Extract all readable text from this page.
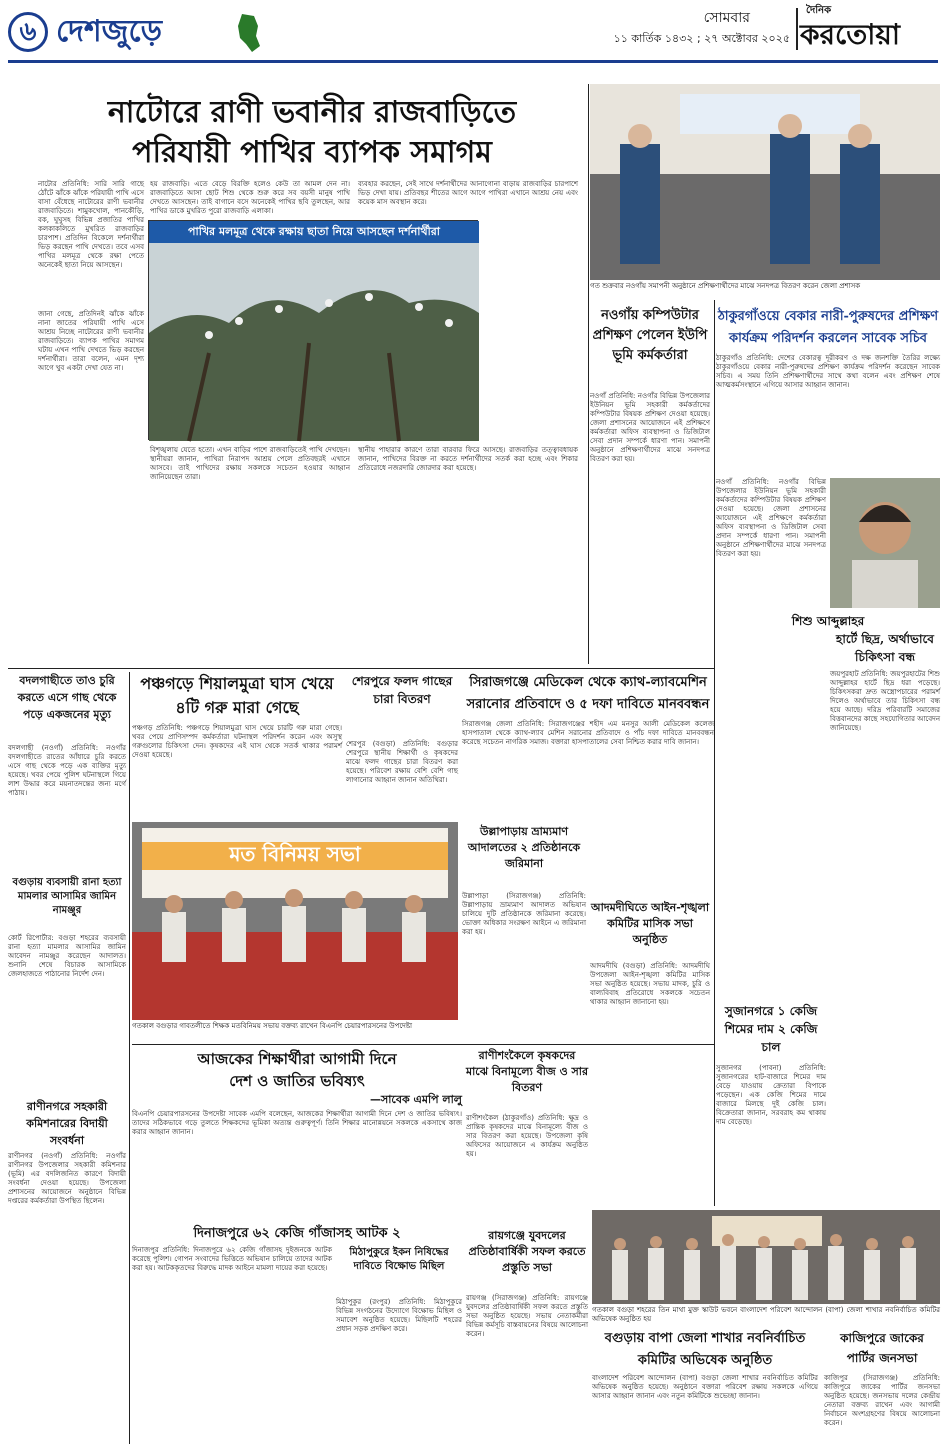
৬ দেশজুড়ে	সোমবার
১১ কার্তিক ১৪৩২ ; ২৭ অক্টোবর ২০২৫
দৈনিক
করতোয়া
নাটোরে রাণী ভবানীর রাজবাড়িতে
পরিযায়ী পাখির ব্যাপক সমাগম
নাটোর প্রতিনিধি: সারি সারি গাছে ঠোঁটে ঝাঁকে ঝাঁকে পরিযায়ী পাখি এসে বাসা বেঁধেছে নাটোরের রাণী ভবানীর রাজবাড়িতে। শামুকখোল, পানকৌড়ি, বক, ঘুঘুসহ বিভিন্ন প্রজাতির পাখির কলকাকলিতে মুখরিত রাজবাড়ির চারপাশ। প্রতিদিন বিকেলে দর্শনার্থীরা ভিড় করছেন পাখি দেখতে। তবে এসব পাখির মলমূত্র থেকে রক্ষা পেতে অনেকেই ছাতা নিয়ে আসছেন।
হয় রাজবাড়ি। এতে বেড়ে বিরক্তি হলেও কেউ তা আমল দেন না। রাজবাড়িতে আসা ছোট শিশু থেকে শুরু করে সব বয়সী মানুষ পাখি দেখতে আসছেন। তাই বাগানে বসে অনেকেই পাখির ছবি তুলছেন, আর পাখির ডাকে মুখরিত পুরো রাজবাড়ি এলাকা।
ব্যবহার করছেন, সেই সাথে দর্শনার্থীদের আনাগোনা বাড়ায় রাজবাড়ির চারপাশে ভিড় দেখা যায়। প্রতিবছর শীতের আগে আগে পাখিরা এখানে আশ্রয় নেয় এবং কয়েক মাস অবস্থান করে।
পাখির মলমূত্র থেকে রক্ষায় ছাতা নিয়ে আসছেন দর্শনার্থীরা
জানা গেছে, প্রতিদিনই ঝাঁকে ঝাঁকে নানা জাতের পরিযায়ী পাখি এসে আশ্রয় নিচ্ছে নাটোরের রাণী ভবানীর রাজবাড়িতে। ব্যাপক পাখির সমাগম ঘটায় এখন পাখি দেখতে ভিড় করছেন দর্শনার্থীরা। তারা বলেন, এমন দৃশ্য আগে খুব একটা দেখা যেত না।
বিশৃঙ্খলায় যেতে হতো। এখন বাড়ির পাশে রাজবাড়িতেই পাখি দেখছেন। স্থানীয়রা জানান, পাখিরা নিরাপদ আশ্রয় পেলে প্রতিবছরই এখানে আসবে। তাই পাখিদের রক্ষায় সকলকে সচেতন হওয়ার আহ্বান জানিয়েছেন তারা।
স্থানীয় পাহারার কারণে তারা বারবার ফিরে আসছে। রাজবাড়ির তত্ত্বাবধায়ক জানান, পাখিদের বিরক্ত না করতে দর্শনার্থীদের সতর্ক করা হচ্ছে এবং শিকার প্রতিরোধে নজরদারি জোরদার করা হয়েছে।
গত শুক্রবার নওগাঁয় সমাপনী অনুষ্ঠানে প্রশিক্ষণার্থীদের মাঝে সনদপত্র বিতরণ করেন জেলা প্রশাসক
নওগাঁয় কম্পিউটার প্রশিক্ষণ পেলেন ইউপি ভূমি কর্মকর্তারা
নওগাঁ প্রতিনিধি: নওগাঁর বিভিন্ন উপজেলার ইউনিয়ন ভূমি সহকারী কর্মকর্তাদের কম্পিউটার বিষয়ক প্রশিক্ষণ দেওয়া হয়েছে। জেলা প্রশাসনের আয়োজনে এই প্রশিক্ষণে কর্মকর্তারা অফিস ব্যবস্থাপনা ও ডিজিটাল সেবা প্রদান সম্পর্কে ধারণা পান। সমাপনী অনুষ্ঠানে প্রশিক্ষণার্থীদের মাঝে সনদপত্র বিতরণ করা হয়।
ঠাকুরগাঁওয়ে বেকার নারী-পুরুষদের প্রশিক্ষণ
কার্যক্রম পরিদর্শন করলেন সাবেক সচিব
ঠাকুরগাঁও প্রতিনিধি: দেশের বেকারত্ব দূরীকরণ ও দক্ষ জনশক্তি তৈরির লক্ষ্যে ঠাকুরগাঁওয়ে বেকার নারী-পুরুষদের প্রশিক্ষণ কার্যক্রম পরিদর্শন করেছেন সাবেক সচিব। এ সময় তিনি প্রশিক্ষণার্থীদের সাথে কথা বলেন এবং প্রশিক্ষণ শেষে আত্মকর্মসংস্থানে এগিয়ে আসার আহ্বান জানান।
নওগাঁ প্রতিনিধি: নওগাঁর বিভিন্ন উপজেলার ইউনিয়ন ভূমি সহকারী কর্মকর্তাদের কম্পিউটার বিষয়ক প্রশিক্ষণ দেওয়া হয়েছে। জেলা প্রশাসনের আয়োজনে এই প্রশিক্ষণে কর্মকর্তারা অফিস ব্যবস্থাপনা ও ডিজিটাল সেবা প্রদান সম্পর্কে ধারণা পান। সমাপনী অনুষ্ঠানে প্রশিক্ষণার্থীদের মাঝে সনদপত্র বিতরণ করা হয়।
শিশু আব্দুল্লাহর
হার্টে ছিদ্র, অর্থাভাবে
চিকিৎসা বন্ধ
জয়পুরহাট প্রতিনিধি: জয়পুরহাটের শিশু আব্দুল্লাহর হার্টে ছিদ্র ধরা পড়েছে। চিকিৎসকরা দ্রুত অস্ত্রোপচারের পরামর্শ দিলেও অর্থাভাবে তার চিকিৎসা বন্ধ হয়ে আছে। দরিদ্র পরিবারটি সমাজের বিত্তবানদের কাছে সহযোগিতার আবেদন জানিয়েছে।
সুজানগরে ১ কেজি শিমের দাম ২ কেজি চাল
সুজানগর (পাবনা) প্রতিনিধি: সুজানগরের হাট-বাজারে শিমের দাম বেড়ে যাওয়ায় ক্রেতারা বিপাকে পড়েছেন। এক কেজি শিমের দামে বাজারে মিলছে দুই কেজি চাল। বিক্রেতারা জানান, সরবরাহ কম থাকায় দাম বেড়েছে।
বদলগাছীতে তাও চুরি করতে এসে গাছ থেকে পড়ে একজনের মৃত্যু
বদলগাছী (নওগাঁ) প্রতিনিধি: নওগাঁর বদলগাছীতে রাতের আঁধারে চুরি করতে এসে গাছ থেকে পড়ে এক ব্যক্তির মৃত্যু হয়েছে। খবর পেয়ে পুলিশ ঘটনাস্থলে গিয়ে লাশ উদ্ধার করে ময়নাতদন্তের জন্য মর্গে পাঠায়।
বগুড়ায় ব্যবসায়ী রানা হত্যা মামলার আসামির জামিন নামঞ্জুর
কোর্ট রিপোর্টার: বগুড়া শহরের ব্যবসায়ী রানা হত্যা মামলার আসামির জামিন আবেদন নামঞ্জুর করেছেন আদালত। শুনানি শেষে বিচারক আসামিকে জেলহাজতে পাঠানোর নির্দেশ দেন।
রাণীনগরে সহকারী কমিশনারের বিদায়ী সংবর্ধনা
রাণীনগর (নওগাঁ) প্রতিনিধি: নওগাঁর রাণীনগর উপজেলার সহকারী কমিশনার (ভূমি) এর বদলিজনিত কারণে বিদায়ী সংবর্ধনা দেওয়া হয়েছে। উপজেলা প্রশাসনের আয়োজনে অনুষ্ঠানে বিভিন্ন দপ্তরের কর্মকর্তারা উপস্থিত ছিলেন।
পঞ্চগড়ে শিয়ালমুত্রা ঘাস খেয়ে
৪টি গরু মারা গেছে
পঞ্চগড় প্রতিনিধি: পঞ্চগড়ে শিয়ালমুত্রা ঘাস খেয়ে চারটি গরু মারা গেছে। খবর পেয়ে প্রাণিসম্পদ কর্মকর্তারা ঘটনাস্থল পরিদর্শন করেন এবং অসুস্থ গরুগুলোর চিকিৎসা দেন। কৃষকদের এই ঘাস থেকে সতর্ক থাকার পরামর্শ দেওয়া হয়েছে।
শেরপুরে ফলদ গাছের চারা বিতরণ
শেরপুর (বগুড়া) প্রতিনিধি: বগুড়ার শেরপুরে স্থানীয় শিক্ষার্থী ও কৃষকদের মাঝে ফলদ গাছের চারা বিতরণ করা হয়েছে। পরিবেশ রক্ষায় বেশি বেশি গাছ লাগানোর আহ্বান জানান অতিথিরা।
মত বিনিময় সভা
গতকাল বগুড়ার গাবতলীতে শিক্ষক মতবিনিময় সভায় বক্তব্য রাখেন বিএনপি চেয়ারপারসনের উপদেষ্টা
সিরাজগঞ্জে মেডিকেল থেকে ক্যাথ-ল্যাবমেশিন
সরানোর প্রতিবাদে ও ৫ দফা দাবিতে মানববন্ধন
সিরাজগঞ্জ জেলা প্রতিনিধি: সিরাজগঞ্জের শহীদ এম মনসুর আলী মেডিকেল কলেজ হাসপাতাল থেকে ক্যাথ-ল্যাব মেশিন সরানোর প্রতিবাদে ও পাঁচ দফা দাবিতে মানববন্ধন করেছে সচেতন নাগরিক সমাজ। বক্তারা হাসপাতালের সেবা নিশ্চিত করার দাবি জানান।
উল্লাপাড়ায় ভ্রাম্যমাণ আদালতের ২ প্রতিষ্ঠানকে জরিমানা
উল্লাপাড়া (সিরাজগঞ্জ) প্রতিনিধি: উল্লাপাড়ায় ভ্রাম্যমাণ আদালত অভিযান চালিয়ে দুটি প্রতিষ্ঠানকে জরিমানা করেছে। ভোক্তা অধিকার সংরক্ষণ আইনে এ জরিমানা করা হয়।
আদমদীঘিতে আইন-শৃঙ্খলা কমিটির মাসিক সভা অনুষ্ঠিত
আদমদীঘি (বগুড়া) প্রতিনিধি: আদমদীঘি উপজেলা আইন-শৃঙ্খলা কমিটির মাসিক সভা অনুষ্ঠিত হয়েছে। সভায় মাদক, চুরি ও বাল্যবিবাহ প্রতিরোধে সকলকে সচেতন থাকার আহ্বান জানানো হয়।
আজকের শিক্ষার্থীরা আগামী দিনে
দেশ ও জাতির ভবিষ্যৎ
—সাবেক এমপি লালু
বিএনপি চেয়ারপারসনের উপদেষ্টা সাবেক এমপি বলেছেন, আজকের শিক্ষার্থীরা আগামী দিনে দেশ ও জাতির ভবিষ্যৎ। তাদের সঠিকভাবে গড়ে তুলতে শিক্ষকদের ভূমিকা অত্যন্ত গুরুত্বপূর্ণ। তিনি শিক্ষার মানোন্নয়নে সকলকে একসাথে কাজ করার আহ্বান জানান।
দিনাজপুরে ৬২ কেজি গাঁজাসহ আটক ২
দিনাজপুর প্রতিনিধি: দিনাজপুরে ৬২ কেজি গাঁজাসহ দুইজনকে আটক করেছে পুলিশ। গোপন সংবাদের ভিত্তিতে অভিযান চালিয়ে তাদের আটক করা হয়। আটককৃতদের বিরুদ্ধে মাদক আইনে মামলা দায়ের করা হয়েছে।
মিঠাপুকুরে ইকন নিষিদ্ধের দাবিতে বিক্ষোভ মিছিল
মিঠাপুকুর (রংপুর) প্রতিনিধি: মিঠাপুকুরে বিভিন্ন সংগঠনের উদ্যোগে বিক্ষোভ মিছিল ও সমাবেশ অনুষ্ঠিত হয়েছে। মিছিলটি শহরের প্রধান সড়ক প্রদক্ষিণ করে।
রাণীশংকৈলে কৃষকদের মাঝে বিনামূল্যে বীজ ও সার বিতরণ
রাণীশংকৈল (ঠাকুরগাঁও) প্রতিনিধি: ক্ষুদ্র ও প্রান্তিক কৃষকদের মাঝে বিনামূল্যে বীজ ও সার বিতরণ করা হয়েছে। উপজেলা কৃষি অফিসের আয়োজনে এ কার্যক্রম অনুষ্ঠিত হয়।
রায়গঞ্জে যুবদলের প্রতিষ্ঠাবার্ষিকী সফল করতে প্রস্তুতি সভা
রায়গঞ্জ (সিরাজগঞ্জ) প্রতিনিধি: রায়গঞ্জে যুবদলের প্রতিষ্ঠাবার্ষিকী সফল করতে প্রস্তুতি সভা অনুষ্ঠিত হয়েছে। সভায় নেতাকর্মীরা বিভিন্ন কর্মসূচি বাস্তবায়নের বিষয়ে আলোচনা করেন।
গতকাল বগুড়া শহরের তিন মাথা মুক্ত স্কাউট ভবনে বাংলাদেশ পরিবেশ আন্দোলন (বাপা) জেলা শাখার নবনির্বাচিত কমিটির অভিষেক অনুষ্ঠিত হয়
বগুড়ায় বাপা জেলা শাখার নবনির্বাচিত
কমিটির অভিষেক অনুষ্ঠিত
বাংলাদেশ পরিবেশ আন্দোলন (বাপা) বগুড়া জেলা শাখার নবনির্বাচিত কমিটির অভিষেক অনুষ্ঠিত হয়েছে। অনুষ্ঠানে বক্তারা পরিবেশ রক্ষায় সকলকে এগিয়ে আসার আহ্বান জানান এবং নতুন কমিটিকে শুভেচ্ছা জানান।
কাজিপুরে জাকের পার্টির জনসভা
কাজিপুর (সিরাজগঞ্জ) প্রতিনিধি: কাজিপুরে জাকের পার্টির জনসভা অনুষ্ঠিত হয়েছে। জনসভায় দলের কেন্দ্রীয় নেতারা বক্তব্য রাখেন এবং আগামী নির্বাচনে অংশগ্রহণের বিষয়ে আলোচনা করেন।
